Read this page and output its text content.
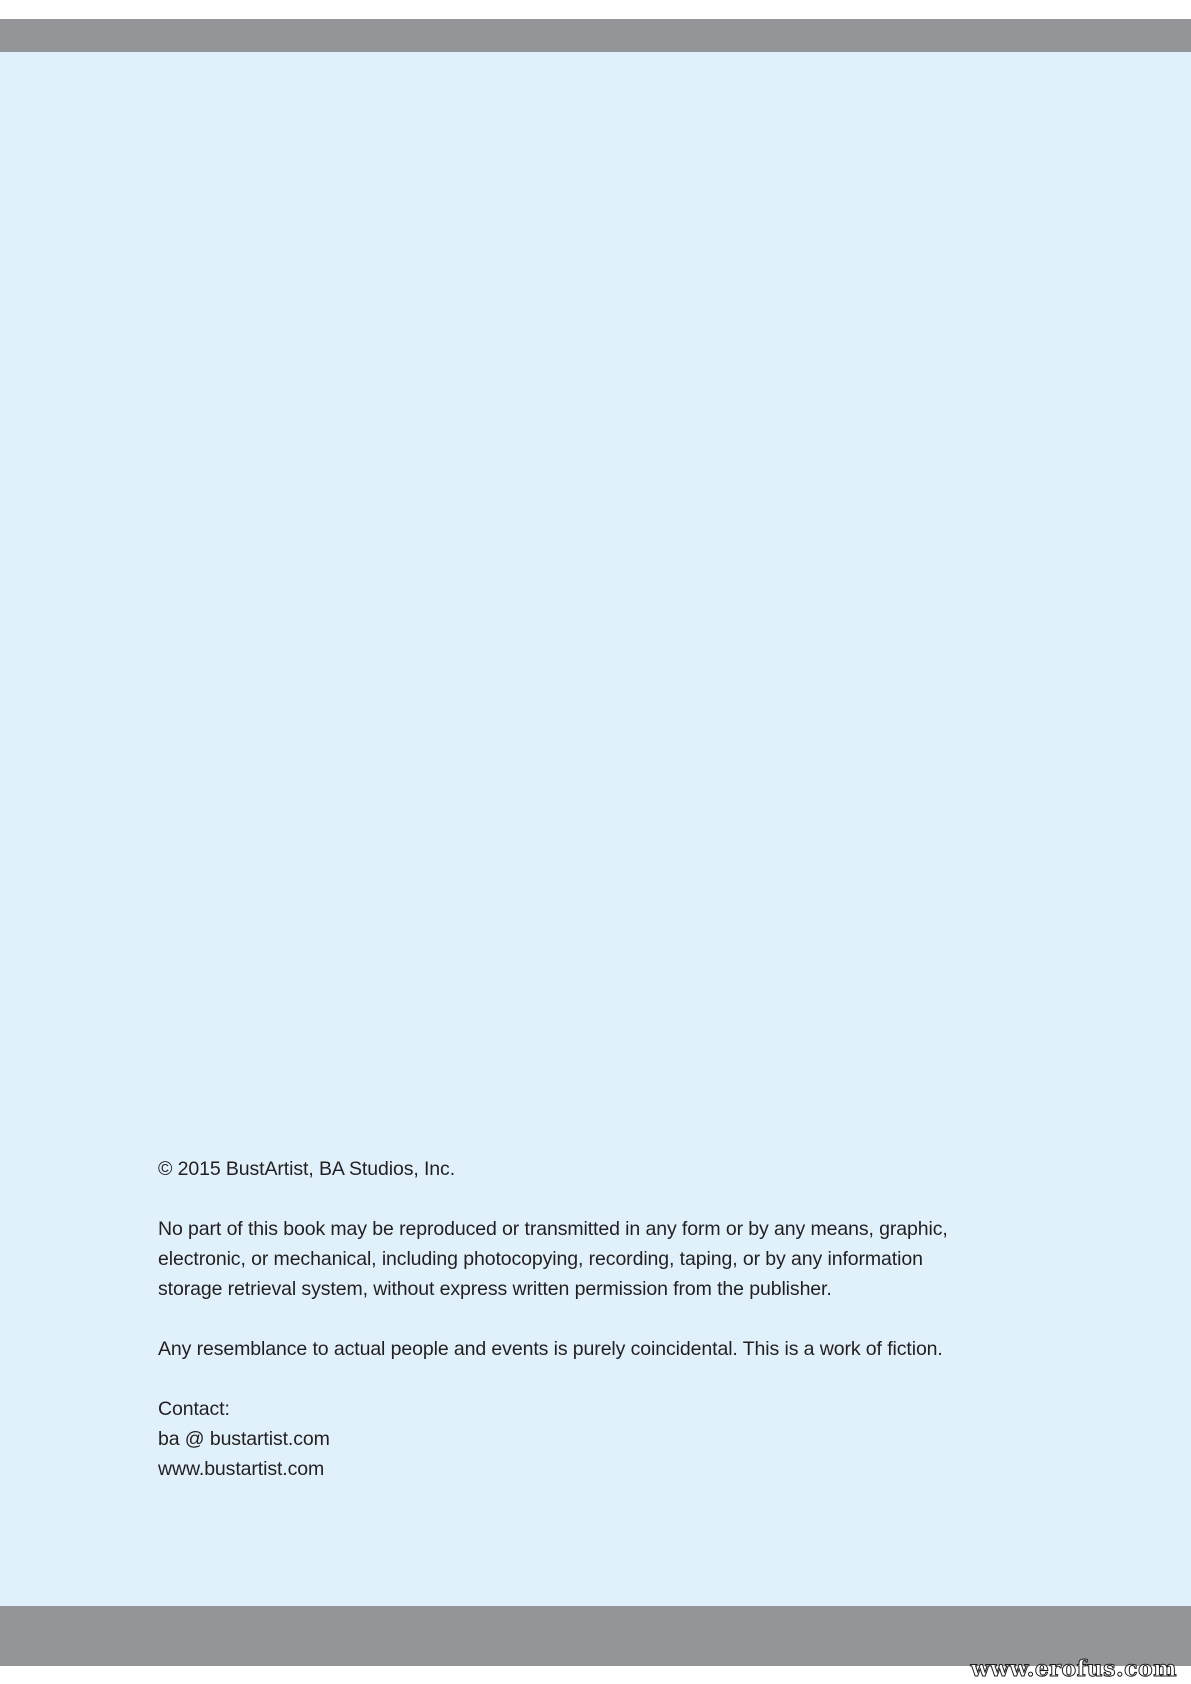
© 2015 BustArtist, BA Studios, Inc.

No part of this book may be reproduced or transmitted in any form or by any means, graphic,
electronic, or mechanical, including photocopying, recording, taping, or by any information
storage retrieval system, without express written permission from the publisher.

Any resemblance to actual people and events is purely coincidental. This is a work of fiction.

Contact:
ba @ bustartist.com
www.bustartist.com

www.erofus.com
